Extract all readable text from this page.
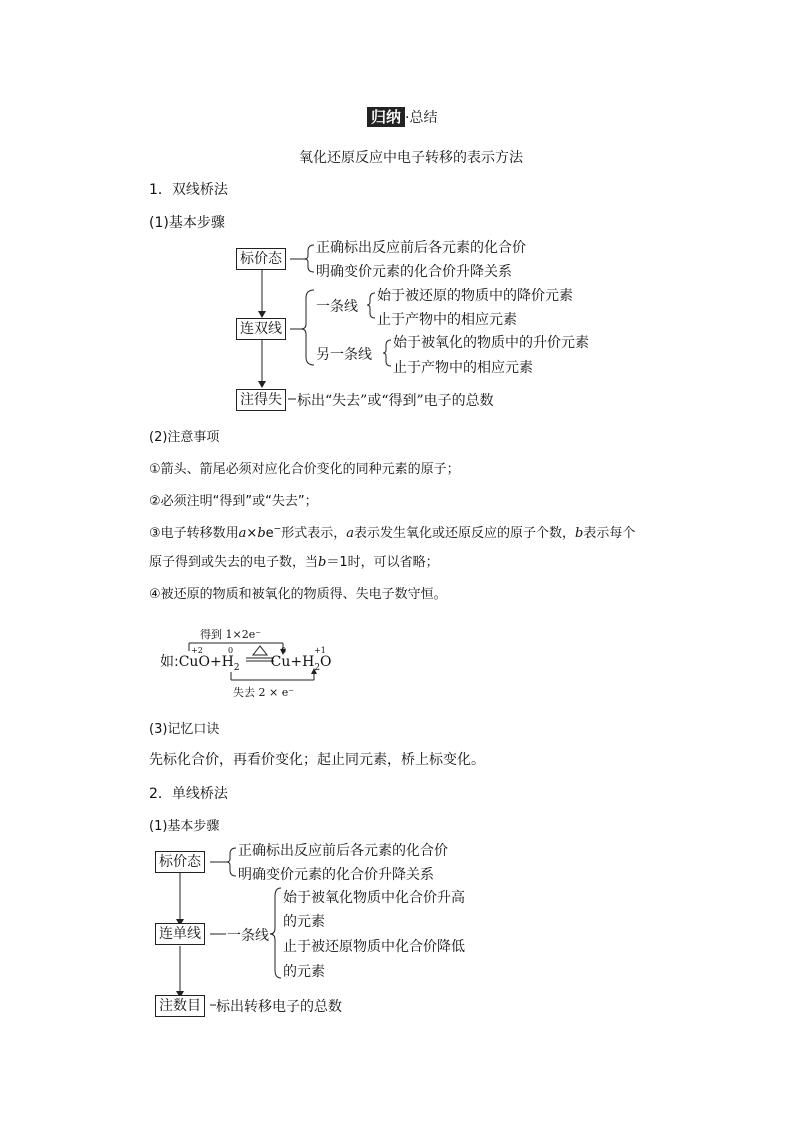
归纳 ·总结
氧化还原反应中电子转移的表示方法
1．双线桥法
(1)基本步骤
标价态
正确标出反应前后各元素的化合价
明确变价元素的化合价升降关系
连双线
一条线
始于被还原的物质中的降价元素
止于产物中的相应元素
另一条线
始于被氧化的物质中的升价元素
止于产物中的相应元素
注得失 标出“失去”或“得到”电子的总数
(2)注意事项
①箭头、箭尾必须对应化合价变化的同种元素的原子；
②必须注明“得到”或“失去”；
③电子转移数用a×be−形式表示，a表示发生氧化或还原反应的原子个数，b表示每个
原子得到或失去的电子数，当b＝1时，可以省略；
④被还原的物质和被氧化的物质得、失电子数守恒。
得到 1×2e⁻
失去 2 × e⁻
+2	0	0	+1
如$:CuO+H_2$ $Cu+H_2O$
(3)记忆口诀
先标化合价，再看价变化；起止同元素，桥上标变化。
2．单线桥法
(1)基本步骤
标价态
正确标出反应前后各元素的化合价
明确变价元素的化合价升降关系
连单线 一条线
始于被氧化物质中化合价升高
的元素
止于被还原物质中化合价降低
的元素
注数目 标出转移电子的总数
